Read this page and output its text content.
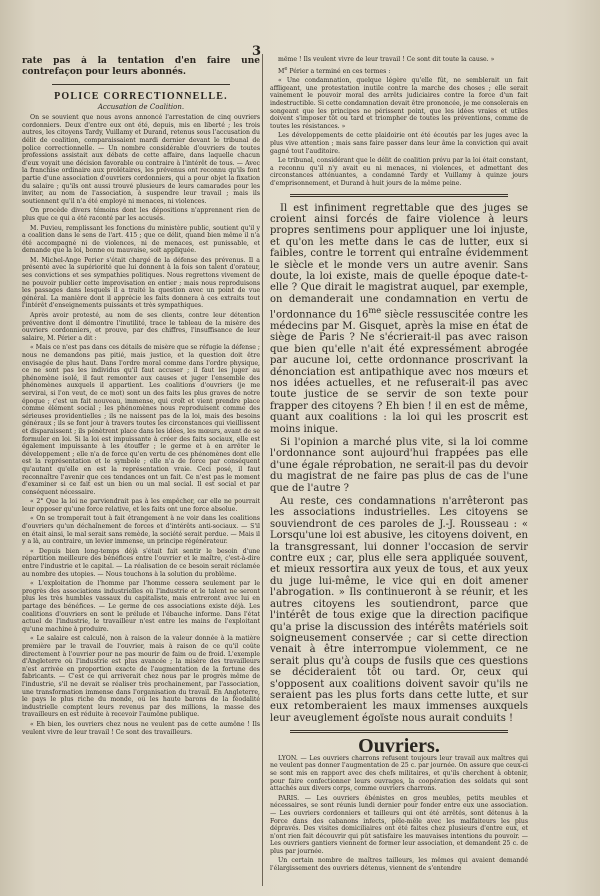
3
rate pas à la tentation d'en faire une contrefaçon pour leurs abonnés.
POLICE CORRECTIONNELLE.
Accusation de Coalition.

On se souvient que nous avons annoncé l'arrestation de cinq ouvriers cordonniers. Deux d'entre eux ont été, depuis, mis en liberté ; les trois autres, les citoyens Tardy, Vuillamy et Durand, retenus sous l'accusation du délit de coalition, comparaissaient mardi dernier devant le tribunal de police correctionnelle. — Un nombre considérable d'ouvriers de toutes professions assistait aux débats de cette affaire, dans laquelle chacun d'eux voyait une décision favorable ou contraire à l'intérêt de tous. — Avec la franchise ordinaire aux prolétaires, les prévenus ont reconnu qu'ils font partie d'une association d'ouvriers cordonniers, qui a pour objet la fixation du salaire ; qu'ils ont aussi trouvé plusieurs de leurs camarades pour les inviter, au nom de l'association, à suspendre leur travail ; mais ils soutiennent qu'il n'a été employé ni menaces, ni violences.

On procède divers témoins dont les dépositions n'apprennent rien de plus que ce qui a été raconté par les accusés.

M. Puvieu, remplissant les fonctions du ministère public, soutient qu'il y a coalition dans le sens de l'art. 415 ; que ce délit, quand bien même il n'a été accompagné ni de violences, ni de menaces, est punissable, et demande que la loi, bonne ou mauvaise, soit appliquée.

M. Michel-Ange Perier s'était chargé de la défense des prévenus. Il a présenté avec la supériorité que lui donnent à la fois son talent d'orateur, ses convictions et ses sympathies politiques. Nous regrettons vivement de ne pouvoir publier cette improvisation en entier ; mais nous reproduisons les passages dans lesquels il a traité la question avec un point de vue général. La manière dont il apprécie les faits donnera à ces extraits tout l'intérêt d'enseignements puissants et très sympathiques.

Après avoir protesté, au nom de ses clients, contre leur détention préventive dont il démontre l'inutilité, trace le tableau de la misère des ouvriers cordonniers, et prouve, par des chiffres, l'insuffisance de leur salaire, M. Périer a dit :

« Mais ce n'est pas dans ces détails de misère que se réfugie la défense ; nous ne demandons pas pitié, mais justice, et la question doit être envisagée de plus haut. Dans l'ordre moral comme dans l'ordre physique, ce ne sont pas les individus qu'il faut accuser ; il faut les juger au phénomène isolé, il faut remonter aux causes et juger l'ensemble des phénomènes auxquels il appartient. Les coalitions d'ouvriers (je me servirai, si l'on veut, de ce mot) sont un des faits les plus graves de notre époque ; c'est un fait nouveau, immense, qui croît et vient prendre place comme élément social ; les phénomènes nous reproduisent comme des sérieuses providentielles ; ils ne naissent pas de la loi, mais des besoins généraux ; ils se font jour à travers toutes les circonstances qui vieillissent et disparaissent ; ils pénètrent place dans les idées, les mœurs, avant de se formuler en loi. Si la loi est impuissante à créer des faits sociaux, elle est également impuissante à les étouffer ; le germe et à en arrêter le développement ; elle n'a de force qu'en vertu de ces phénomènes dont elle est la représentation et le symbole ; elle n'a de force par conséquent qu'autant qu'elle en est la représentation vraie. Ceci posé, il faut reconnaître l'avenir que ces tendances ont un fait. Ce n'est pas le moment d'examiner si ce fait est un bien ou un mal social. Il est social et par conséquent nécessaire.

« 2° Que la loi ne parviendrait pas à les empêcher, car elle ne pourrait leur opposer qu'une force relative, et les faits ont une force absolue.

« On se tromperait tout à fait étrangement à ne voir dans les coalitions d'ouvriers qu'un déchaînement de forces et d'intérêts anti-sociaux. — S'il en était ainsi, le mal serait sans remède, la société serait perdue. — Mais il y a là, au contraire, un levier immense, un principe régénérateur.

« Depuis bien long-temps déjà s'était fait sentir le besoin d'une répartition meilleure des bénéfices entre l'ouvrier et le maître, c'est-à-dire entre l'industrie et le capital. — La réalisation de ce besoin serait réclamée au nombre des utopies. — Nous touchons à la solution du problème.

« L'exploitation de l'homme par l'homme cessera seulement par le progrès des associations industrielles où l'industrie et le talent ne seront plus les très humbles vassaux du capitaliste, mais entreront avec lui en partage des bénéfices. — Le germe de ces associations existe déjà. Les coalitions d'ouvriers en sont le prélude et l'ébauche informe. Dans l'état actuel de l'industrie, le travailleur n'est entre les mains de l'exploitant qu'une machine à produire.

« Le salaire est calculé, non à raison de la valeur donnée à la matière première par le travail de l'ouvrier, mais à raison de ce qu'il coûte directement à l'ouvrier pour ne pas mourir de faim ou de froid. L'exemple d'Angleterre où l'industrie est plus avancée ; la misère des travailleurs n'est arrivée en proportion exacte de l'augmentation de la fortune des fabricants. — C'est ce qui arriverait chez nous par le progrès même de l'industrie, s'il ne devait se réaliser très prochainement, par l'association, une transformation immense dans l'organisation du travail. En Angleterre, le pays le plus riche du monde, où les haute barons de la féodalité industrielle comptent leurs revenus par des millions, la masse des travailleurs en est réduite à recevoir l'aumône publique.

« Eh bien, les ouvriers chez nous ne veulent pas de cette aumône ! Ils veulent vivre de leur travail ! Ce sont des travailleurs.

même ! Ils veulent vivre de leur travail ! Ce sont dit toute la cause. »

Me Périer a terminé en ces termes :

« Une condamnation, quelque légère qu'elle fût, ne semblerait un fait affligeant, une protestation inutile contre la marche des choses ; elle serait vainement le pouvoir moral des arrêts judiciaires contre la force d'un fait indestructible. Si cette condamnation devait être prononcée, je me consolerais en songeant que les principes ne périssent point, que les idées vraies et utiles doivent s'imposer tôt ou tard et triompher de toutes les préventions, comme de toutes les résistances. »

Les développements de cette plaidoirie ont été écoutés par les juges avec la plus vive attention ; mais sans faire passer dans leur âme la conviction qui avait gagné tout l'auditoire.

Le tribunal, considérant que le délit de coalition prévu par la loi était constant, a reconnu qu'il n'y avait eu ni menaces, ni violences, et admettant des circonstances atténuantes, a condamné Tardy et Vuillamy à quinze jours d'emprisonnement, et Durand à huit jours de la même peine.

Il est infiniment regrettable que des juges se croient ainsi forcés de faire violence à leurs propres sentimens pour appliquer une loi injuste, et qu'on les mette dans le cas de lutter, eux si faibles, contre le torrent qui entraîne évidemment le siècle et le monde vers un autre avenir. Sans doute, la loi existe, mais de quelle époque date-t-elle ? Que dirait le magistrat auquel, par exemple, on demanderait une condamnation en vertu de l'ordonnance du $16^{me}$ siècle ressuscitée contre les médecins par M. Gisquet, après la mise en état de siège de Paris ? Ne s'écrierait-il pas avec raison que bien qu'elle n'ait été expressément abrogée par aucune loi, cette ordonnance proscrivant la dénonciation est antipathique avec nos mœurs et nos idées actuelles, et ne refuserait-il pas avec toute justice de se servir de son texte pour frapper des citoyens ? Eh bien ! il en est de même, quant aux coalitions : la loi qui les proscrit est moins inique.

Si l'opinion a marché plus vite, si la loi comme l'ordonnance sont aujourd'hui frappées pas elle d'une égale réprobation, ne serait-il pas du devoir du magistrat de ne faire pas plus de cas de l'une que de l'autre ?

Au reste, ces condamnations n'arrêteront pas les associations industrielles. Les citoyens se souviendront de ces paroles de J.-J. Rousseau : « Lorsqu'une loi est abusive, les citoyens doivent, en la transgressant, lui donner l'occasion de servir contre eux ; car, plus elle sera appliquée souvent, et mieux ressortira aux yeux de tous, et aux yeux du juge lui-même, le vice qui en doit amener l'abrogation. » Ils continueront à se réunir, et les autres citoyens les soutiendront, parce que l'intérêt de tous exige que la direction pacifique qu'a prise la discussion des intérêts matériels soit soigneusement conservée ; car si cette direction venait à être interrompue violemment, ce ne serait plus qu'à coups de fusils que ces questions se décideraient tôt ou tard. Or, ceux qui s'opposent aux coalitions doivent savoir qu'ils ne seraient pas les plus forts dans cette lutte, et sur eux retomberaient les maux immenses auxquels leur aveuglement égoïste nous aurait conduits !

Ouvriers.

LYON. — Les ouvriers charrons refusent toujours leur travail aux maîtres qui ne veulent pas donner l'augmentation de 25 c. par journée. On assure que ceux-ci se sont mis en rapport avec des chefs militaires, et qu'ils cherchent à obtenir, pour faire confectionner leurs ouvrages, la coopération des soldats qui sont attachés aux divers corps, comme ouvriers charrons.

PARIS. — Les ouvriers ébénistes en gros meubles, petits meubles et nécessaires, se sont réunis lundi dernier pour fonder entre eux une association. — Les ouvriers cordonniers et tailleurs qui ont été arrêtés, sont détenus à la Force dans des cabanons infects, pêle-mêle avec les malfaiteurs les plus dépravés. Des visites domiciliaires ont été faites chez plusieurs d'entre eux, et n'ont rien fait découvrir qui pût satisfaire les mauvaises intentions du pouvoir. — Les ouvriers gantiers viennent de former leur association, et demandent 25 c. de plus par journée.

Un certain nombre de maîtres tailleurs, les mêmes qui avaient demandé l'élargissement des ouvriers détenus, viennent de s'entendre
